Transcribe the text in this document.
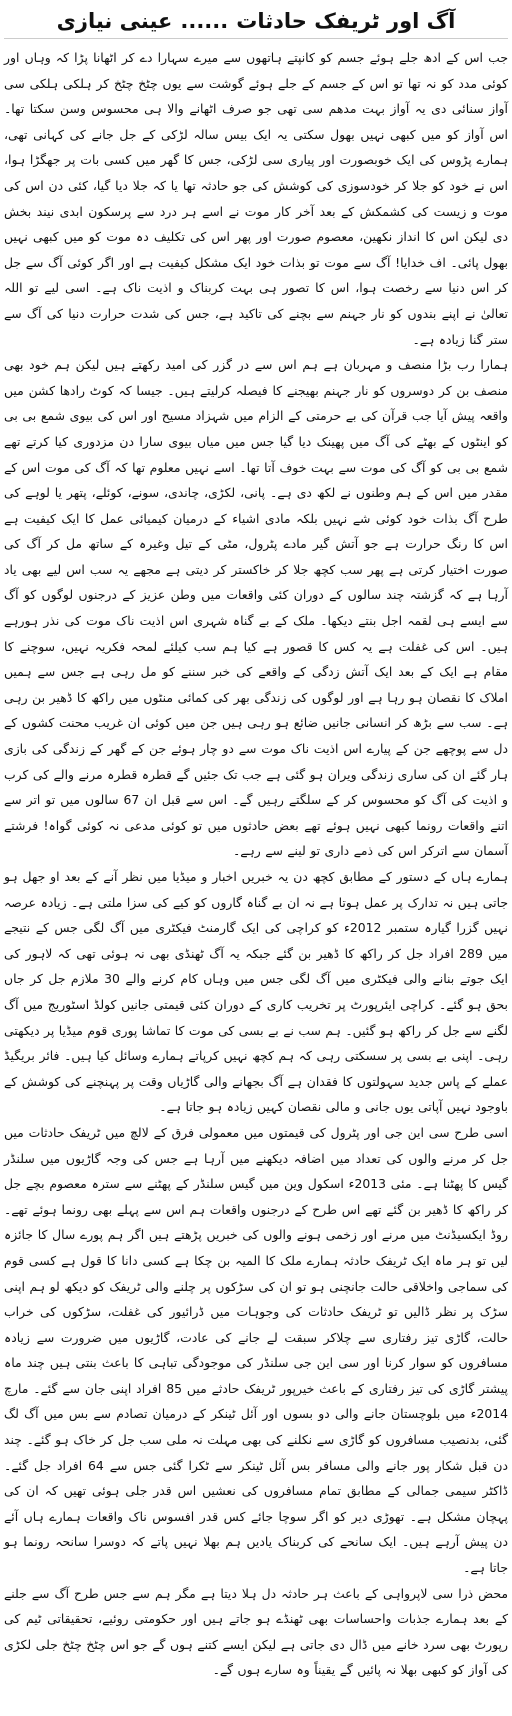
آگ اور ٹریفک حادثات
......
عینی نیازی

جب اس کے ادھ جلے ہوئے جسم کو کانپتے ہاتھوں سے میرے سہارا دے کر اٹھانا پڑا کہ وہاں اور کوئی مدد کو نہ تھا تو اس کے جسم کے جلے ہوئے گوشت سے یوں چٹخ چٹخ کر ہلکی ہلکی سی آواز سنائی دی یہ آواز بہت مدھم سی تھی جو صرف اٹھانے والا ہی محسوس وسن سکتا تھا۔ اس آواز کو میں کبھی نہیں بھول سکتی یہ ایک بیس سالہ لڑکی کے جل جانے کی کہانی تھی، ہمارے پڑوس کی ایک خوبصورت اور پیاری سی لڑکی، جس کا گھر میں کسی بات پر جھگڑا ہوا، اس نے خود کو جلا کر خودسوزی کی کوشش کی جو حادثہ تھا یا کہ جلا دیا گیا، کئی دن اس کی موت و زیست کی کشمکش کے بعد آخر کار موت نے اسے ہر درد سے پرسکون ابدی نیند بخش دی لیکن اس کا انداز نکھین، معصوم صورت اور پھر اس کی تکلیف دہ موت کو میں کبھی نہیں بھول پائی۔ اف خدایا! آگ سے موت تو بذات خود ایک مشکل کیفیت ہے اور اگر کوئی آگ سے جل کر اس دنیا سے رخصت ہوا، اس کا تصور ہی بہت کربناک و اذیت ناک ہے۔ اسی لیے تو اللہ تعالیٰ نے اپنے بندوں کو نار جہنم سے بچنے کی تاکید ہے، جس کی شدت حرارت دنیا کی آگ سے ستر گنا زیادہ ہے۔

ہمارا رب بڑا منصف و مہربان ہے ہم اس سے در گزر کی امید رکھتے ہیں لیکن ہم خود بھی منصف بن کر دوسروں کو نار جہنم بھیجنے کا فیصلہ کرلیتے ہیں۔ جیسا کہ کوٹ رادھا کشن میں واقعہ پیش آیا جب قرآن کی بے حرمتی کے الزام میں شہزاد مسیح اور اس کی بیوی شمع بی بی کو اینٹوں کے بھٹے کی آگ میں پھینک دیا گیا جس میں میاں بیوی سارا دن مزدوری کیا کرتے تھے شمع بی بی کو آگ کی موت سے بہت خوف آتا تھا۔ اسے نہیں معلوم تھا کہ آگ کی موت اس کے مقدر میں اس کے ہم وطنوں نے لکھ دی ہے۔ پانی، لکڑی، چاندی، سونے، کوئلے، پتھر یا لوہے کی طرح آگ بذات خود کوئی شے نہیں بلکہ مادی اشیاء کے درمیان کیمیائی عمل کا ایک کیفیت ہے اس کا رنگ حرارت ہے جو آتش گیر مادے پٹرول، مٹی کے تیل وغیرہ کے ساتھ مل کر آگ کی صورت اختیار کرتی ہے پھر سب کچھ جلا کر خاکستر کر دیتی ہے مجھے یہ سب اس لیے بھی یاد آرہا ہے کہ گزشتہ چند سالوں کے دوران کئی واقعات میں وطن عزیز کے درجنوں لوگوں کو آگ سے ایسے ہی لقمہ اجل بنتے دیکھا۔ ملک کے بے گناہ شہری اس اذیت ناک موت کی نذر ہورہے ہیں۔ اس کی غفلت ہے یہ کس کا قصور ہے کیا ہم سب کیلئے لمحہ فکریہ نہیں، سوچنے کا مقام ہے ایک کے بعد ایک آتش زدگی کے واقعے کی خبر سننے کو مل رہی ہے جس سے ہمیں املاک کا نقصان ہو رہا ہے اور لوگوں کی زندگی بھر کی کمائی منٹوں میں راکھ کا ڈھیر بن رہی ہے۔ سب سے بڑھ کر انسانی جانیں ضائع ہو رہی ہیں جن میں کوئی ان غریب محنت کشوں کے دل سے پوچھے جن کے پیارے اس اذیت ناک موت سے دو چار ہوئے جن کے گھر کے زندگی کی بازی ہار گئے ان کی ساری زندگی ویران ہو گئی ہے جب تک جئیں گے قطرہ قطرہ مرنے والے کی کرب و اذیت کی آگ کو محسوس کر کے سلگتے رہیں گے۔ اس سے قبل ان 67 سالوں میں تو اتر سے اتنے واقعات رونما کبھی نہیں ہوئے تھے بعض حادثوں میں تو کوئی مدعی نہ کوئی گواہ! فرشتے آسمان سے اترکر اس کی ذمے داری تو لینے سے رہے۔

ہمارے ہاں کے دستور کے مطابق کچھ دن یہ خبریں اخبار و میڈیا میں نظر آنے کے بعد او جھل ہو جاتی ہیں نہ تدارک پر عمل ہوتا ہے نہ ان بے گناہ گاروں کو کیے کی سزا ملتی ہے۔ زیادہ عرصہ نہیں گزرا گیارہ ستمبر 2012ء کو کراچی کی ایک گارمنٹ فیکٹری میں آگ لگی جس کے نتیجے میں 289 افراد جل کر راکھ کا ڈھیر بن گئے جبکہ یہ آگ ٹھنڈی بھی نہ ہوئی تھی کہ لاہور کی ایک جوتے بنانے والی فیکٹری میں آگ لگی جس میں وہاں کام کرنے والے 30 ملازم جل کر جاں بحق ہو گئے۔ کراچی ایئرپورٹ پر تخریب کاری کے دوران کئی قیمتی جانیں کولڈ اسٹوریج میں آگ لگنے سے جل کر راکھ ہو گئیں۔ ہم سب نے بے بسی کی موت کا تماشا پوری قوم میڈیا پر دیکھتی رہی۔ اپنی بے بسی پر سسکتی رہی کہ ہم کچھ نہیں کرپاتے ہمارے وسائل کیا ہیں۔ فائر بریگیڈ عملے کے پاس جدید سہولتوں کا فقدان ہے آگ بجھانے والی گاڑیاں وقت پر پہنچنے کی کوشش کے باوجود نہیں آپاتی یوں جانی و مالی نقصان کہیں زیادہ ہو جاتا ہے۔

اسی طرح سی این جی اور پٹرول کی قیمتوں میں معمولی فرق کے لالچ میں ٹریفک حادثات میں جل کر مرنے والوں کی تعداد میں اضافہ دیکھنے میں آرہا ہے جس کی وجہ گاڑیوں میں سلنڈر گیس کا پھٹنا ہے۔ مئی 2013ء اسکول وین میں گیس سلنڈر کے پھٹنے سے سترہ معصوم بچے جل کر راکھ کا ڈھیر بن گئے تھے اس طرح کے درجنوں واقعات ہم اس سے پہلے بھی رونما ہوئے تھے۔ روڈ ایکسیڈنٹ میں مرنے اور زخمی ہونے والوں کی خبریں پڑھتے ہیں اگر ہم پورے سال کا جائزہ لیں تو ہر ماہ ایک ٹریفک حادثہ ہمارے ملک کا المیہ بن چکا ہے کسی دانا کا قول ہے کسی قوم کی سماجی واخلاقی حالت جانچنی ہو تو ان کی سڑکوں پر چلنے والی ٹریفک کو دیکھ لو ہم اپنی سڑک پر نظر ڈالیں تو ٹریفک حادثات کی وجوہات میں ڈرائیور کی غفلت، سڑکوں کی خراب حالت، گاڑی تیز رفتاری سے چلاکر سبقت لے جانے کی عادت، گاڑیوں میں ضرورت سے زیادہ مسافروں کو سوار کرنا اور سی این جی سلنڈر کی موجودگی تباہی کا باعث بنتی ہیں چند ماہ پیشتر گاڑی کی تیز رفتاری کے باعث خیرپور ٹریفک حادثے میں 85 افراد اپنی جان سے گئے۔ مارچ 2014ء میں بلوچستان جانے والی دو بسوں اور آئل ٹینکر کے درمیان تصادم سے بس میں آگ لگ گئی، بدنصیب مسافروں کو گاڑی سے نکلنے کی بھی مہلت نہ ملی سب جل کر خاک ہو گئے۔ چند دن قبل شکار پور جانے والی مسافر بس آئل ٹینکر سے ٹکرا گئی جس سے 64 افراد جل گئے۔ ڈاکٹر سیمی جمالی کے مطابق تمام مسافروں کی نعشیں اس قدر جلی ہوئی تھیں کہ ان کی پہچان مشکل ہے۔ تھوڑی دیر کو اگر سوچا جائے کس قدر افسوس ناک واقعات ہمارے ہاں آئے دن پیش آرہے ہیں۔ ایک سانحے کی کربناک یادیں ہم بھلا نہیں پاتے کہ دوسرا سانحہ رونما ہو جاتا ہے۔

محض ذرا سی لاپرواہی کے باعث ہر حادثہ دل ہلا دیتا ہے مگر ہم سے جس طرح آگ سے جلنے کے بعد ہمارے جذبات واحساسات بھی ٹھنڈے ہو جاتے ہیں اور حکومتی روئیے، تحقیقاتی ٹیم کی رپورٹ بھی سرد خانے میں ڈال دی جاتی ہے لیکن ایسے کتنے ہوں گے جو اس چٹخ چٹخ جلی لکڑی کی آواز کو کبھی بھلا نہ پائیں گے یقیناً وہ سارے ہوں گے۔
